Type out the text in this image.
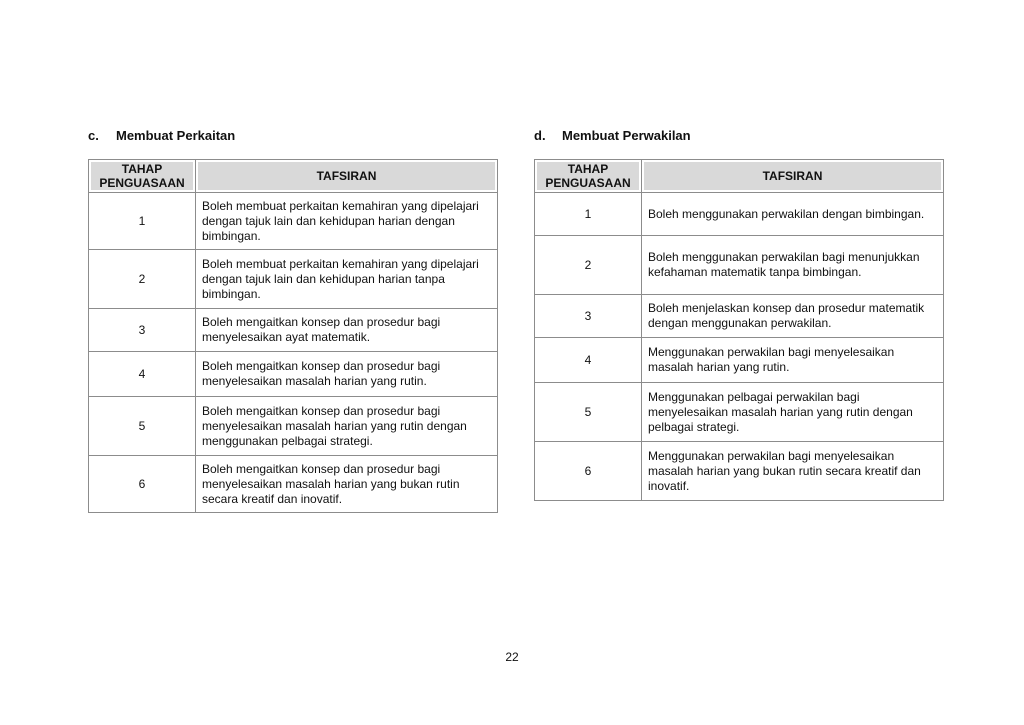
c.	Membuat Perkaitan
TAHAP PENGUASAAN	TAFSIRAN
1	Boleh membuat perkaitan kemahiran yang dipelajari dengan tajuk lain dan kehidupan harian dengan bimbingan.
2	Boleh membuat perkaitan kemahiran yang dipelajari dengan tajuk lain dan kehidupan harian tanpa bimbingan.
3	Boleh mengaitkan konsep dan prosedur bagi menyelesaikan ayat matematik.
4	Boleh mengaitkan konsep dan prosedur bagi menyelesaikan masalah harian yang rutin.
5	Boleh mengaitkan konsep dan prosedur bagi menyelesaikan masalah harian yang rutin dengan menggunakan pelbagai strategi.
6	Boleh mengaitkan konsep dan prosedur bagi menyelesaikan masalah harian yang bukan rutin secara kreatif dan inovatif.
d.	Membuat Perwakilan
TAHAP PENGUASAAN	TAFSIRAN
1	Boleh menggunakan perwakilan dengan bimbingan.
2	Boleh menggunakan perwakilan bagi menunjukkan kefahaman matematik tanpa bimbingan.
3	Boleh menjelaskan konsep dan prosedur matematik dengan menggunakan perwakilan.
4	Menggunakan perwakilan bagi menyelesaikan masalah harian yang rutin.
5	Menggunakan pelbagai perwakilan bagi menyelesaikan masalah harian yang rutin dengan pelbagai strategi.
6	Menggunakan perwakilan bagi menyelesaikan masalah harian yang bukan rutin secara kreatif dan inovatif.
22
